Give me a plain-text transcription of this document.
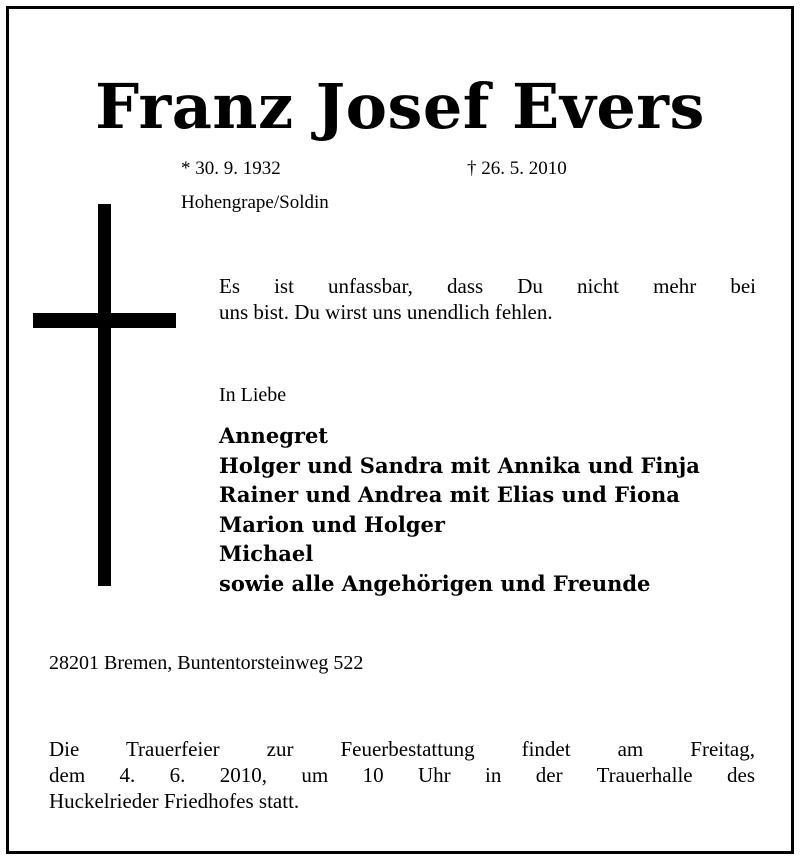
Franz Josef Evers
* 30. 9. 1932	† 26. 5. 2010
Hohengrape/Soldin
Es ist unfassbar, dass Du nicht mehr bei
uns bist. Du wirst uns unendlich fehlen.
In Liebe
Annegret
Holger und Sandra mit Annika und Finja
Rainer und Andrea mit Elias und Fiona
Marion und Holger
Michael
sowie alle Angehörigen und Freunde
28201 Bremen, Buntentorsteinweg 522
Die Trauerfeier zur Feuerbestattung findet am Freitag,
dem 4. 6. 2010, um 10 Uhr in der Trauerhalle des
Huckelrieder Friedhofes statt.
